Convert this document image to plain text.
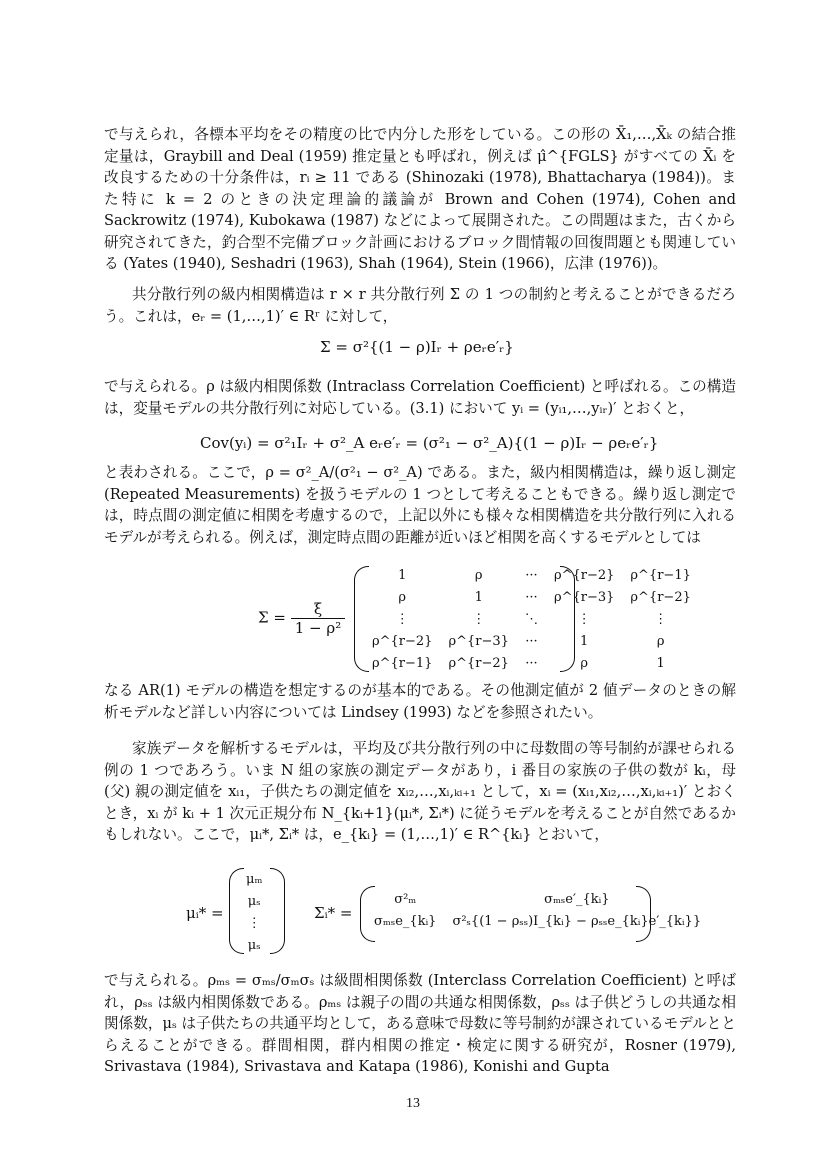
で与えられ，各標本平均をその精度の比で内分した形をしている。この形の X̄₁,…,X̄ₖ の結合推定量は，Graybill and Deal (1959) 推定量とも呼ばれ，例えば μ̂^{FGLS} がすべての X̄ᵢ を改良するための十分条件は，rᵢ ≥ 11 である (Shinozaki (1978), Bhattacharya (1984))。また特に k = 2 のときの決定理論的議論が Brown and Cohen (1974), Cohen and Sackrowitz (1974), Kubokawa (1987) などによって展開された。この問題はまた，古くから研究されてきた，釣合型不完備ブロック計画におけるブロック間情報の回復問題とも関連している (Yates (1940), Seshadri (1963), Shah (1964), Stein (1966)，広津 (1976))。
共分散行列の級内相関構造は r × r 共分散行列 Σ の 1 つの制約と考えることができるだろう。これは，eᵣ = (1,…,1)′ ∈ Rʳ に対して，
Σ = σ²{(1 − ρ)Iᵣ + ρeᵣe′ᵣ}
で与えられる。ρ は級内相関係数 (Intraclass Correlation Coefficient) と呼ばれる。この構造は，変量モデルの共分散行列に対応している。(3.1) において yᵢ = (yᵢ₁,…,yᵢᵣ)′ とおくと，
Cov(yᵢ) = σ²₁Iᵣ + σ²_A eᵣe′ᵣ = (σ²₁ − σ²_A){(1 − ρ)Iᵣ − ρeᵣe′ᵣ}
と表わされる。ここで，ρ = σ²_A/(σ²₁ − σ²_A) である。また，級内相関構造は，繰り返し測定 (Repeated Measurements) を扱うモデルの 1 つとして考えることもできる。繰り返し測定では，時点間の測定値に相関を考慮するので，上記以外にも様々な相関構造を共分散行列に入れるモデルが考えられる。例えば，測定時点間の距離が近いほど相関を高くするモデルとしては
$\Sigma = \frac{\xi}{\text{1 − ρ²}}$
1	ρ	···	ρ^{r−2}	ρ^{r−1}
ρ	1	···	ρ^{r−3}	ρ^{r−2}
⋮	⋮	⋱	⋮	⋮
ρ^{r−2}	ρ^{r−3}	···	1	ρ
ρ^{r−1}	ρ^{r−2}	···	ρ	1
なる AR(1) モデルの構造を想定するのが基本的である。その他測定値が 2 値データのときの解析モデルなど詳しい内容については Lindsey (1993) などを参照されたい。
家族データを解析するモデルは，平均及び共分散行列の中に母数間の等号制約が課せられる例の 1 つであろう。いま N 組の家族の測定データがあり，i 番目の家族の子供の数が kᵢ，母 (父) 親の測定値を xᵢ₁，子供たちの測定値を xᵢ₂,…,xᵢ,ₖᵢ₊₁ として，xᵢ = (xᵢ₁,xᵢ₂,…,xᵢ,ₖᵢ₊₁)′ とおくとき，xᵢ が kᵢ + 1 次元正規分布 N_{kᵢ+1}(μᵢ*, Σᵢ*) に従うモデルを考えることが自然であるかもしれない。ここで，μᵢ*, Σᵢ* は，e_{kᵢ} = (1,…,1)′ ∈ R^{kᵢ} とおいて，
μᵢ* =
μₘ
μₛ
⋮
μₛ
Σᵢ* =
σ²ₘ	σₘₛe′_{kᵢ}
σₘₛe_{kᵢ}	σ²ₛ{(1 − ρₛₛ)I_{kᵢ} − ρₛₛe_{kᵢ}e′_{kᵢ}}
で与えられる。ρₘₛ = σₘₛ/σₘσₛ は級間相関係数 (Interclass Correlation Coefficient) と呼ばれ，ρₛₛ は級内相関係数である。ρₘₛ は親子の間の共通な相関係数，ρₛₛ は子供どうしの共通な相関係数，μₛ は子供たちの共通平均として，ある意味で母数に等号制約が課されているモデルととらえることができる。群間相関，群内相関の推定・検定に関する研究が，Rosner (1979), Srivastava (1984), Srivastava and Katapa (1986), Konishi and Gupta
13
